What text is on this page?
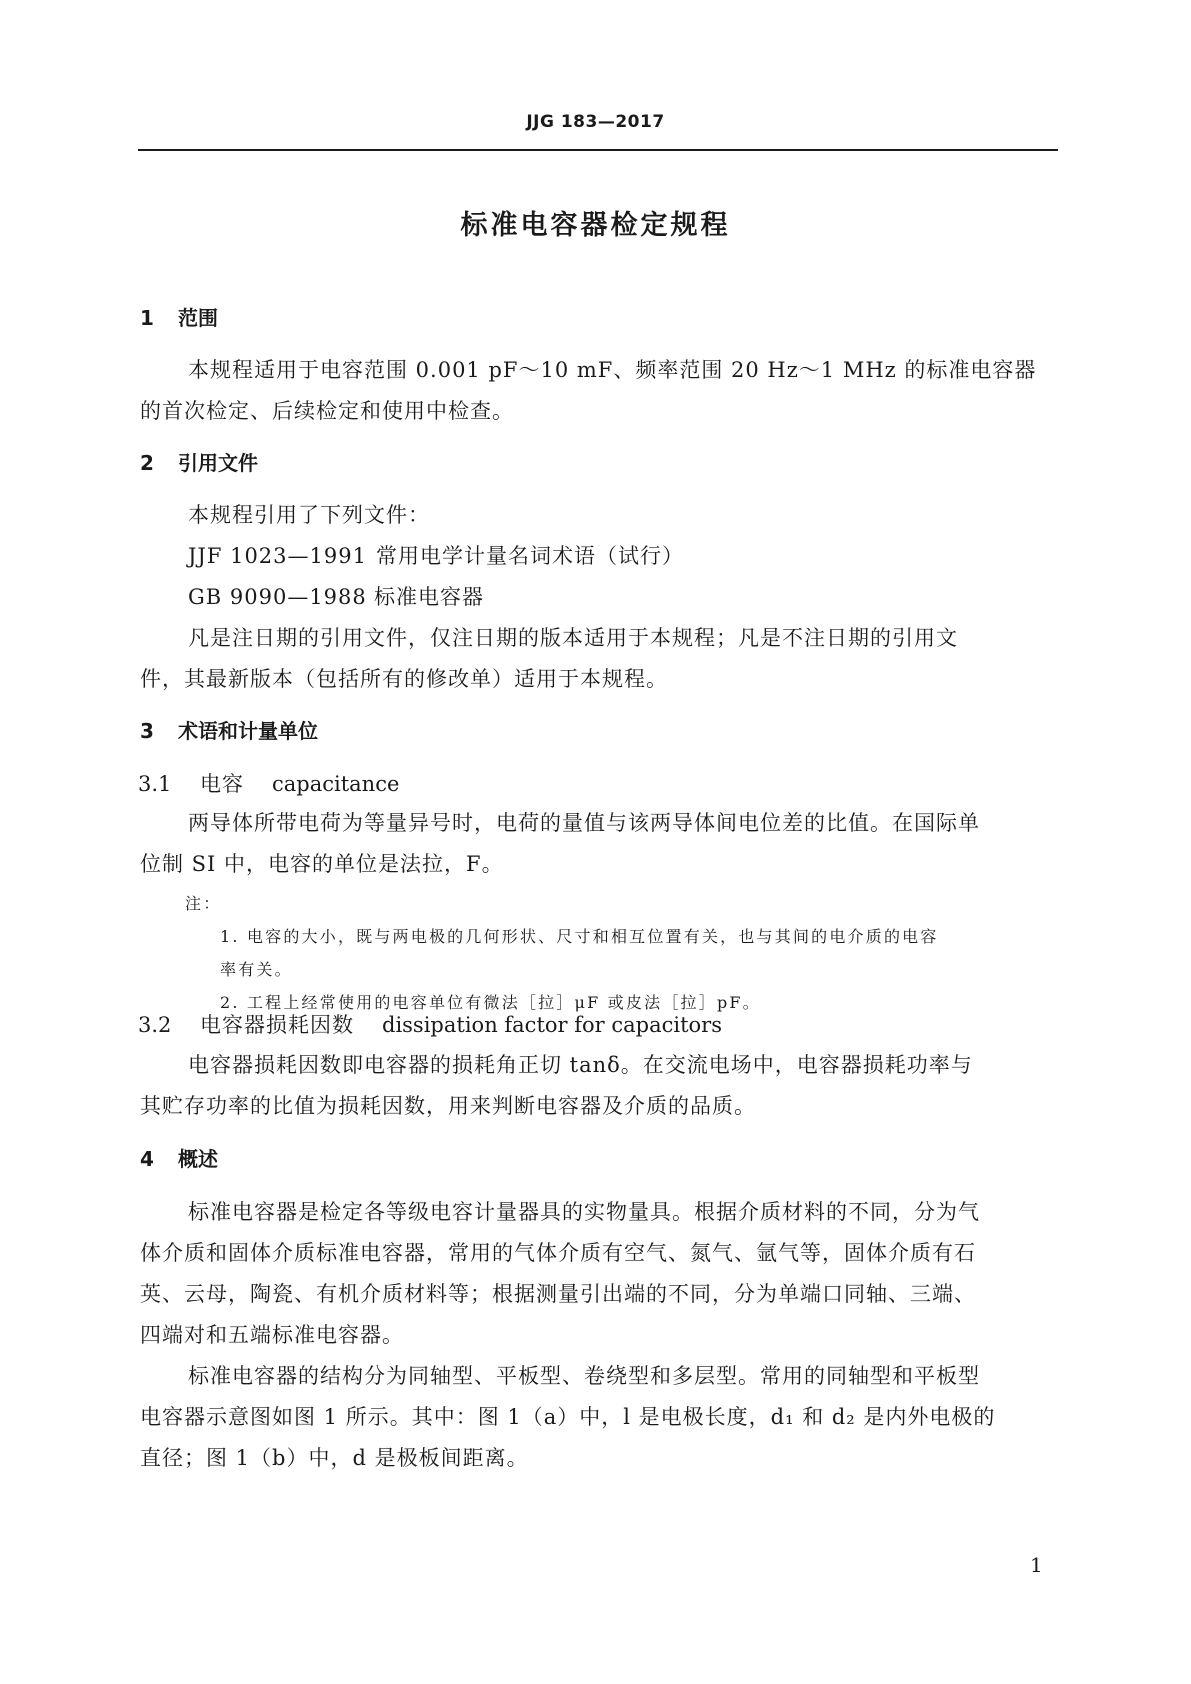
JJG 183—2017
标准电容器检定规程
1 范围
本规程适用于电容范围 0.001 pF～10 mF、频率范围 20 Hz～1 MHz 的标准电容器
的首次检定、后续检定和使用中检查。
2 引用文件
本规程引用了下列文件：
JJF 1023—1991 常用电学计量名词术语（试行）
GB 9090—1988 标准电容器
凡是注日期的引用文件，仅注日期的版本适用于本规程；凡是不注日期的引用文
件，其最新版本（包括所有的修改单）适用于本规程。
3 术语和计量单位
3.1 电容 capacitance
两导体所带电荷为等量异号时，电荷的量值与该两导体间电位差的比值。在国际单
位制 SI 中，电容的单位是法拉，F。
注：
1. 电容的大小，既与两电极的几何形状、尺寸和相互位置有关，也与其间的电介质的电容
率有关。
2. 工程上经常使用的电容单位有微法［拉］μF 或皮法［拉］pF。
3.2 电容器损耗因数 dissipation factor for capacitors
电容器损耗因数即电容器的损耗角正切 tanδ。在交流电场中，电容器损耗功率与
其贮存功率的比值为损耗因数，用来判断电容器及介质的品质。
4 概述
标准电容器是检定各等级电容计量器具的实物量具。根据介质材料的不同，分为气
体介质和固体介质标准电容器，常用的气体介质有空气、氮气、氩气等，固体介质有石
英、云母，陶瓷、有机介质材料等；根据测量引出端的不同，分为单端口同轴、三端、
四端对和五端标准电容器。
标准电容器的结构分为同轴型、平板型、卷绕型和多层型。常用的同轴型和平板型
电容器示意图如图 1 所示。其中：图 1（a）中，l 是电极长度，d₁ 和 d₂ 是内外电极的
直径；图 1（b）中，d 是极板间距离。
1
